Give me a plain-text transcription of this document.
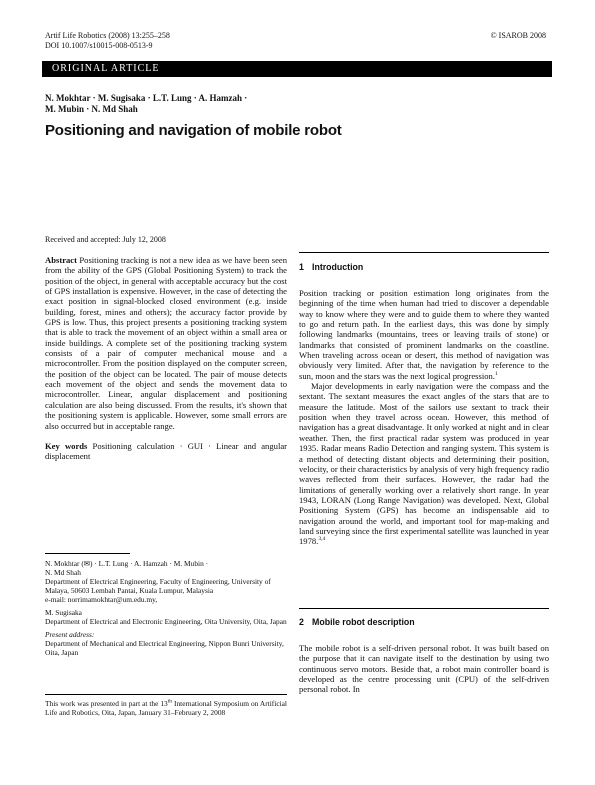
Artif Life Robotics (2008) 13:255–258
DOI 10.1007/s10015-008-0513-9
© ISAROB 2008
ORIGINAL ARTICLE
N. Mokhtar · M. Sugisaka · L.T. Lung · A. Hamzah ·
M. Mubin · N. Md Shah
Positioning and navigation of mobile robot
Received and accepted: July 12, 2008

Abstract Positioning tracking is not a new idea as we have been seen from the ability of the GPS (Global Positioning System) to track the position of the object, in general with acceptable accuracy but the cost of GPS installation is expensive. However, in the case of detecting the exact position in signal-blocked closed environment (e.g. inside building, forest, mines and others); the accuracy factor provide by GPS is low. Thus, this project presents a positioning tracking system that is able to track the movement of an object within a small area or inside buildings. A complete set of the positioning tracking system consists of a pair of computer mechanical mouse and a microcontroller. From the position displayed on the computer screen, the position of the object can be located. The pair of mouse detects each movement of the object and sends the movement data to microcontroller. Linear, angular displacement and positioning calculation are also being discussed. From the results, it's shown that the positioning system is applicable. However, some small errors are also occurred but in acceptable range.

Key words Positioning calculation · GUI · Linear and angular displacement

N. Mokhtar (✉) · L.T. Lung · A. Hamzah · M. Mubin ·

N. Md Shah

Department of Electrical Engineering, Faculty of Engineering, University of Malaya, 50603 Lembah Pantai, Kuala Lumpur, Malaysia

e-mail: norrimamokhtar@um.edu.my,

M. Sugisaka

Department of Electrical and Electronic Engineering, Oita University, Oita, Japan

Present address:

Department of Mechanical and Electrical Engineering, Nippon Bunri University, Oita, Japan

This work was presented in part at the 13th International Symposium on Artificial Life and Robotics, Oita, Japan, January 31–February 2, 2008

1 Introduction

Position tracking or position estimation long originates from the beginning of the time when human had tried to discover a dependable way to know where they were and to guide them to where they wanted to go and return path. In the earliest days, this was done by simply following landmarks (mountains, trees or leaving trails of stone) or landmarks that consisted of prominent landmarks on the coastline. When traveling across ocean or desert, this method of navigation was obviously very limited. After that, the navigation by reference to the sun, moon and the stars was the next logical progression.$^1$

Major developments in early navigation were the compass and the sextant. The sextant measures the exact angles of the stars that are to measure the latitude. Most of the sailors use sextant to track their position when they travel across ocean. However, this method of navigation has a great disadvantage. It only worked at night and in clear weather. Then, the first practical radar system was produced in year 1935. Radar means Radio Detection and ranging system. This system is a method of detecting distant objects and determining their position, velocity, or their characteristics by analysis of very high frequency radio waves reflected from their surfaces. However, the radar had the limitations of generally working over a relatively short range. In year 1943, LORAN (Long Range Navigation) was developed. Next, Global Positioning System (GPS) has become an indispensable aid to navigation around the world, and important tool for map-making and land surveying since the first experimental satellite was launched in year 1978.$^{3,4}$

2 Mobile robot description

The mobile robot is a self-driven personal robot. It was built based on the purpose that it can navigate itself to the destination by using two continuous servo motors. Beside that, a robot main controller board is developed as the centre processing unit (CPU) of the self-driven personal robot. In
